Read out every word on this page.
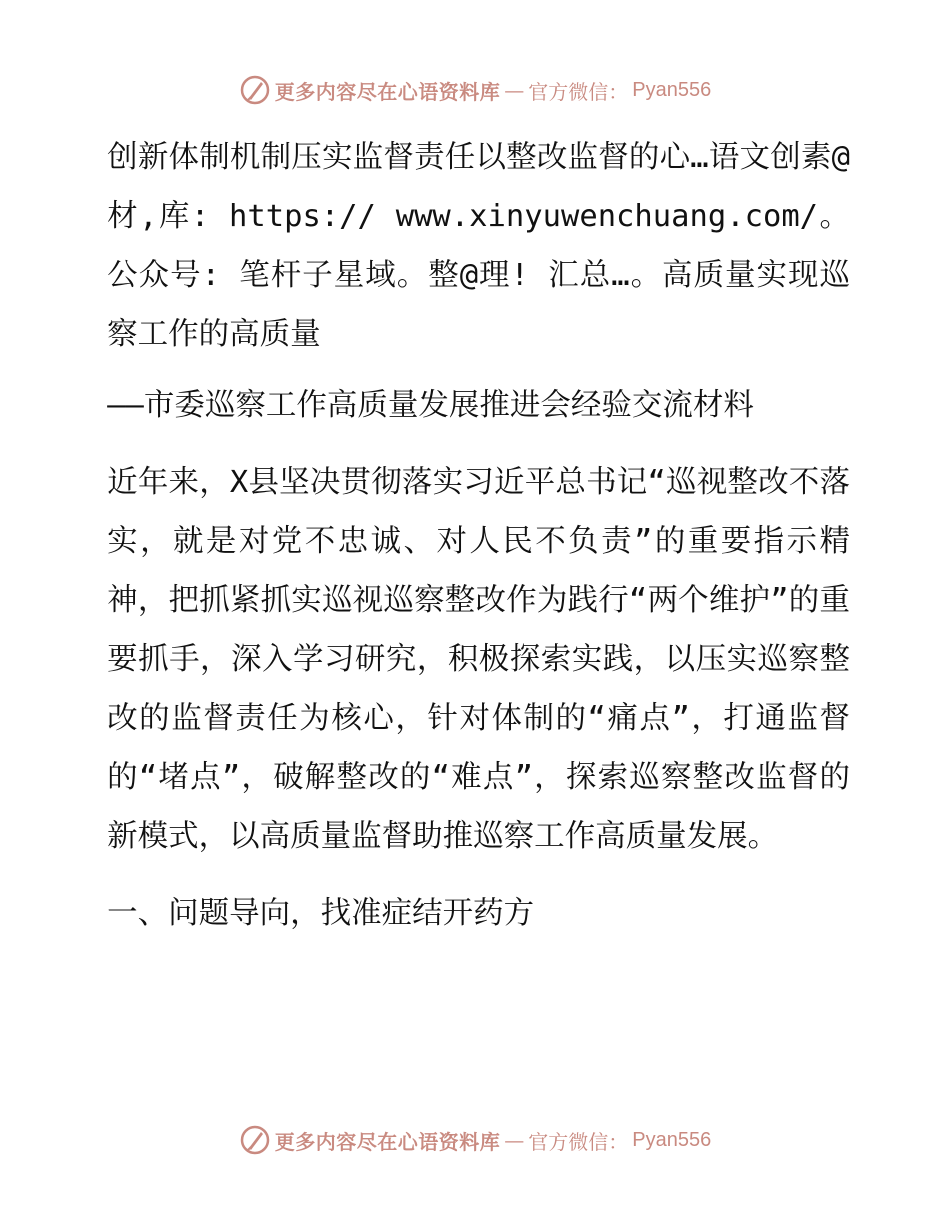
更多内容尽在心语资料库 — 官方微信： Pyan556

创新体制机制压实监督责任以整改监督的心…语文创素@材,库: https:// www.xinyuwenchuang.com/。公众号: 笔杆子星域。整@理! 汇总…。高质量实现巡察工作的高质量

——市委巡察工作高质量发展推进会经验交流材料

近年来，X县坚决贯彻落实习近平总书记“巡视整改不落实，就是对党不忠诚、对人民不负责”的重要指示精神，把抓紧抓实巡视巡察整改作为践行“两个维护”的重要抓手，深入学习研究，积极探索实践，以压实巡察整改的监督责任为核心，针对体制的“痛点”，打通监督的“堵点”，破解整改的“难点”，探索巡察整改监督的新模式，以高质量监督助推巡察工作高质量发展。

一、问题导向，找准症结开药方

更多内容尽在心语资料库 — 官方微信： Pyan556
